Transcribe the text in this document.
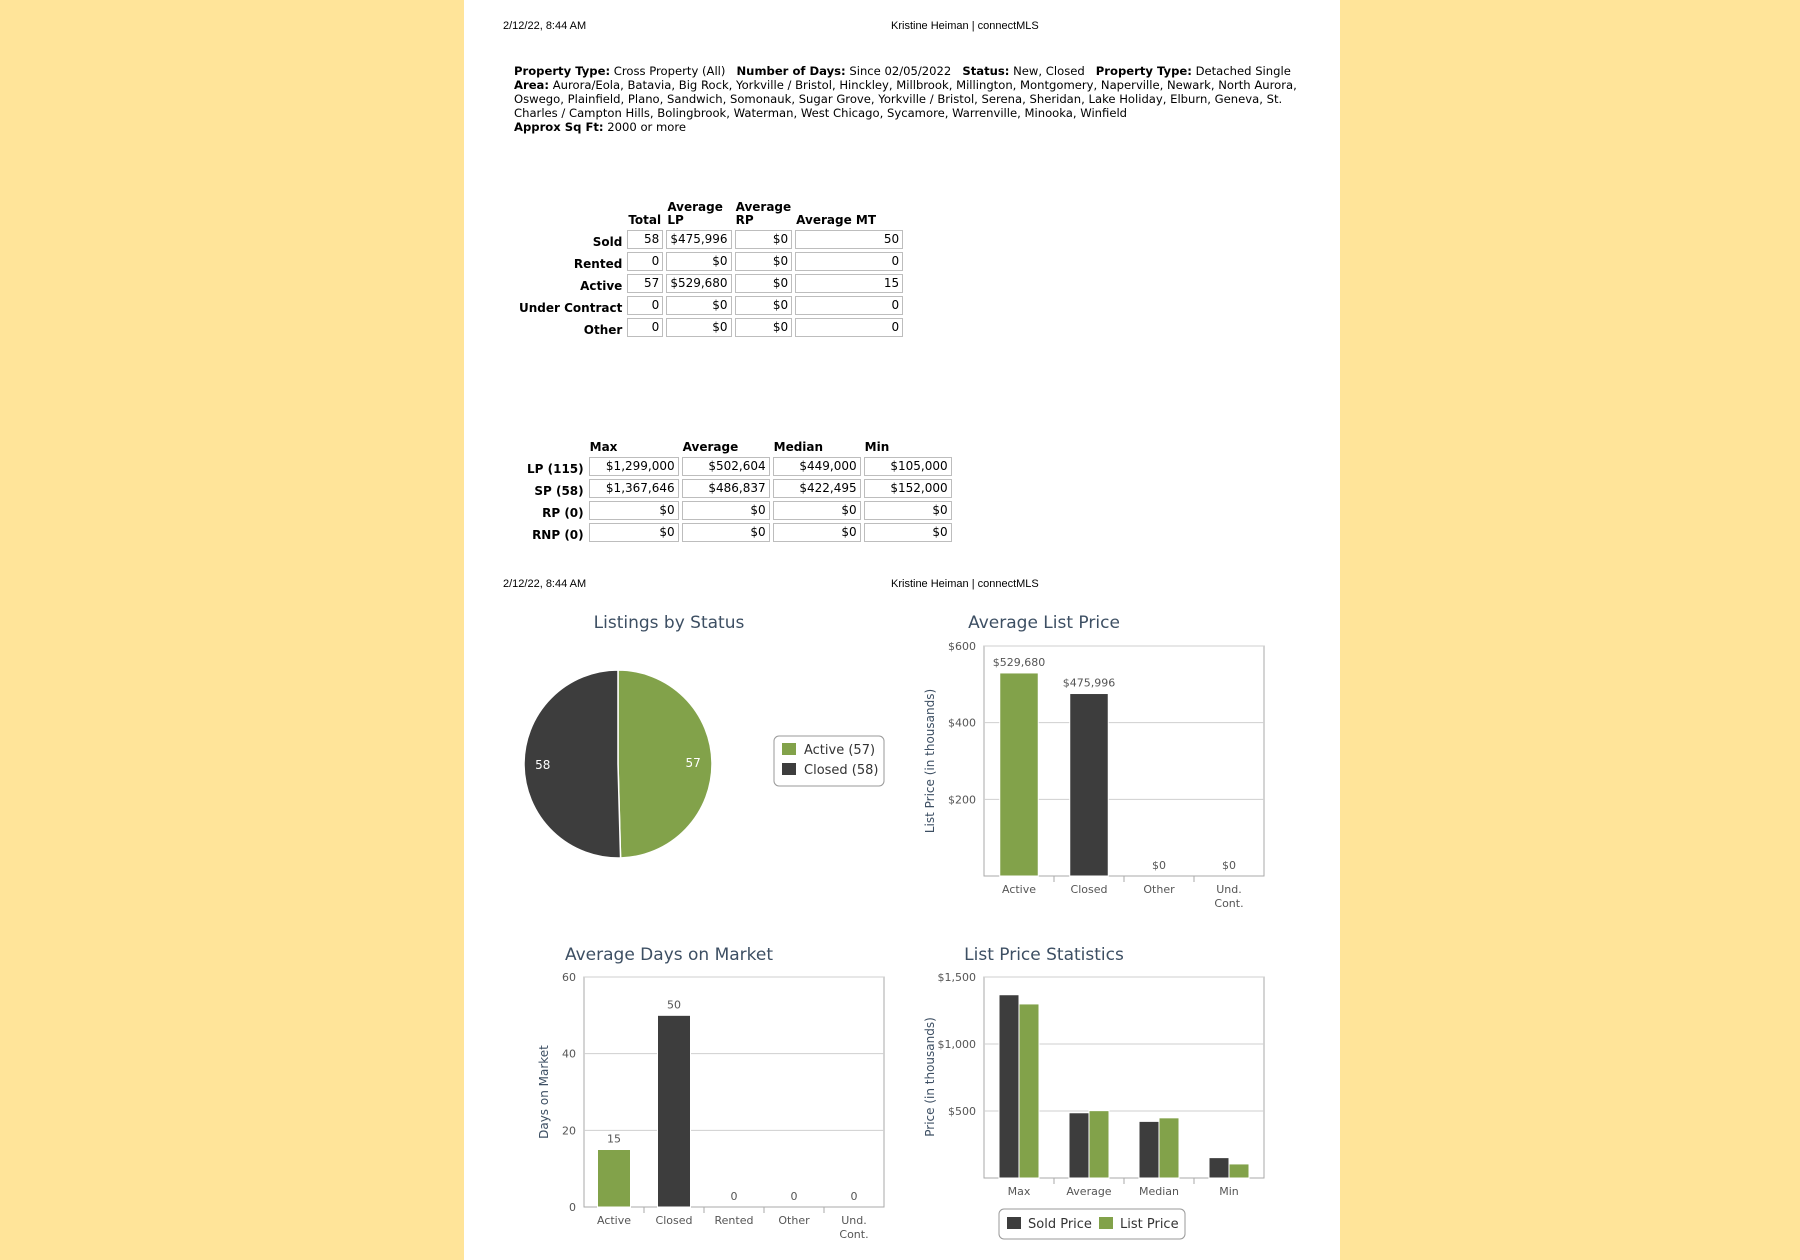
2/12/22, 8:44 AM	Kristine Heiman | connectMLS
Property Type: Cross Property (All) Number of Days: Since 02/05/2022 Status: New, Closed Property Type: Detached Single   Area: Aurora/Eola, Batavia, Big Rock, Yorkville / Bristol, Hinckley, Millbrook, Millington, Montgomery, Naperville, Newark, North Aurora, Oswego, Plainfield, Plano, Sandwich, Somonauk, Sugar Grove, Yorkville / Bristol, Serena, Sheridan, Lake Holiday, Elburn, Geneva, St. Charles / Campton Hills, Bolingbrook, Waterman, West Chicago, Sycamore, Warrenville, Minooka, Winfield
Approx Sq Ft: 2000 or more
	Total	Average LP	Average RP	Average MT
Sold	58	$475,996	$0	50
Rented	0	$0	$0	0
Active	57	$529,680	$0	15
Under Contract	0	$0	$0	0
Other	0	$0	$0	0
	Max	Average	Median	Min
LP (115)	$1,299,000	$502,604	$449,000	$105,000
SP (58)	$1,367,646	$486,837	$422,495	$152,000
RP (0)	$0	$0	$0	$0
RNP (0)	$0	$0	$0	$0
2/12/22, 8:44 AM	Kristine Heiman | connectMLS
Listings by Status	Average List Price
Average Days on Market	List Price Statistics
57
58
Active (57)
Closed (58)	List Price (in thousands) $200
$400
$600
$529,680
Active
$475,996
Closed
$0
Other
$0
Und.
Cont.
Days on Market
0
20
40
60
15
Active
50
Closed
0
Rented
0
Other
0
Und.
Cont.
Price (in thousands)
Sold Price List Price
$500
$1,000
$1,500
Max	Average Median	Min
